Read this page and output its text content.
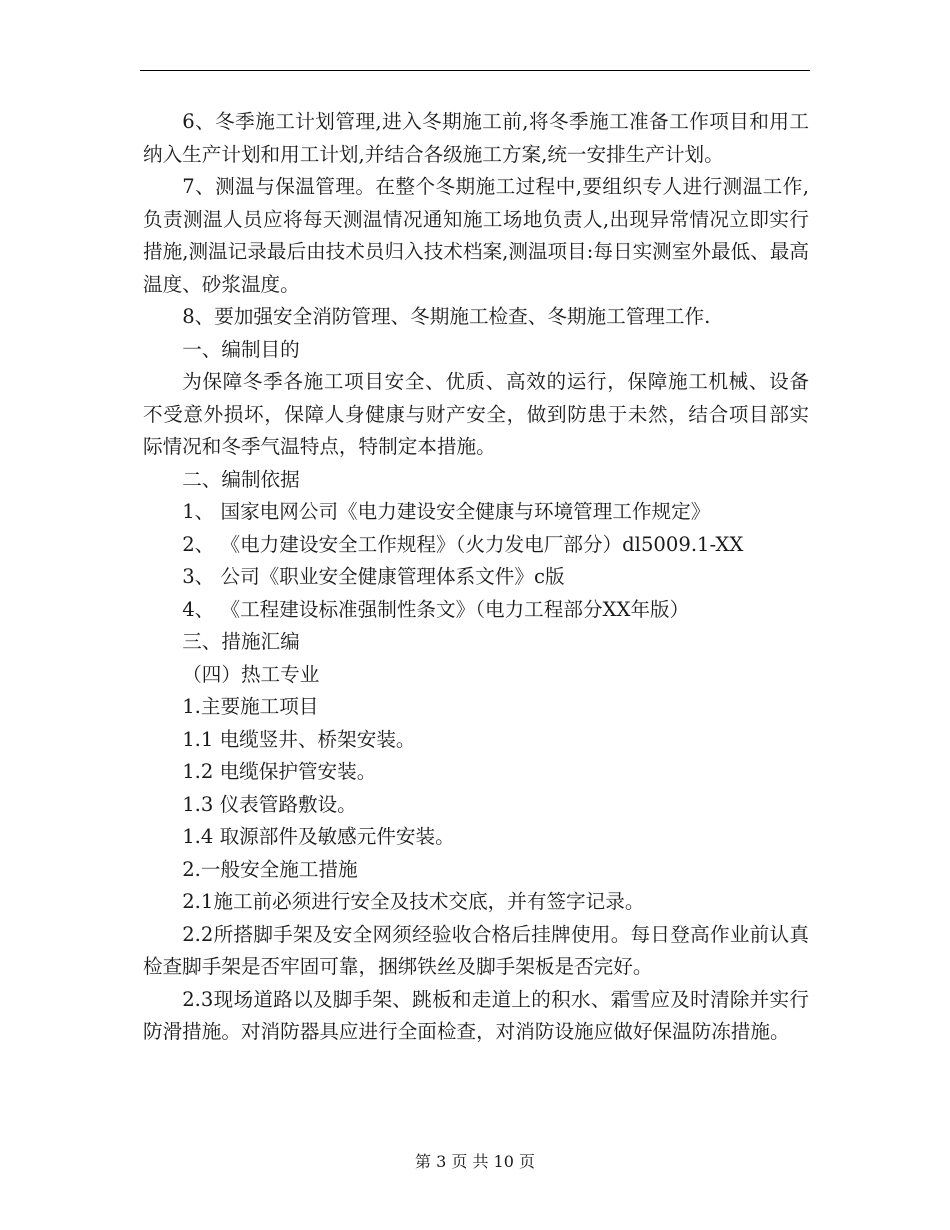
6、冬季施工计划管理,进入冬期施工前,将冬季施工准备工作项目和用工纳入生产计划和用工计划,并结合各级施工方案,统一安排生产计划。

7、测温与保温管理。在整个冬期施工过程中,要组织专人进行测温工作,负责测温人员应将每天测温情况通知施工场地负责人,出现异常情况立即实行措施,测温记录最后由技术员归入技术档案,测温项目:每日实测室外最低、最高温度、砂浆温度。

8、要加强安全消防管理、冬期施工检查、冬期施工管理工作.

一、编制目的

为保障冬季各施工项目安全、优质、高效的运行，保障施工机械、设备不受意外损坏，保障人身健康与财产安全，做到防患于未然，结合项目部实际情况和冬季气温特点，特制定本措施。

二、编制依据

1、 国家电网公司《电力建设安全健康与环境管理工作规定》

2、 《电力建设安全工作规程》（火力发电厂部分）dl5009.1-XX

3、 公司《职业安全健康管理体系文件》c版

4、 《工程建设标准强制性条文》（电力工程部分XX年版）

三、措施汇编

（四）热工专业

1.主要施工项目

1.1 电缆竖井、桥架安装。

1.2 电缆保护管安装。

1.3 仪表管路敷设。

1.4 取源部件及敏感元件安装。

2.一般安全施工措施

2.1施工前必须进行安全及技术交底，并有签字记录。

2.2所搭脚手架及安全网须经验收合格后挂牌使用。每日登高作业前认真检查脚手架是否牢固可靠，捆绑铁丝及脚手架板是否完好。

2.3现场道路以及脚手架、跳板和走道上的积水、霜雪应及时清除并实行防滑措施。对消防器具应进行全面检查，对消防设施应做好保温防冻措施。

第 3 页 共 10 页
